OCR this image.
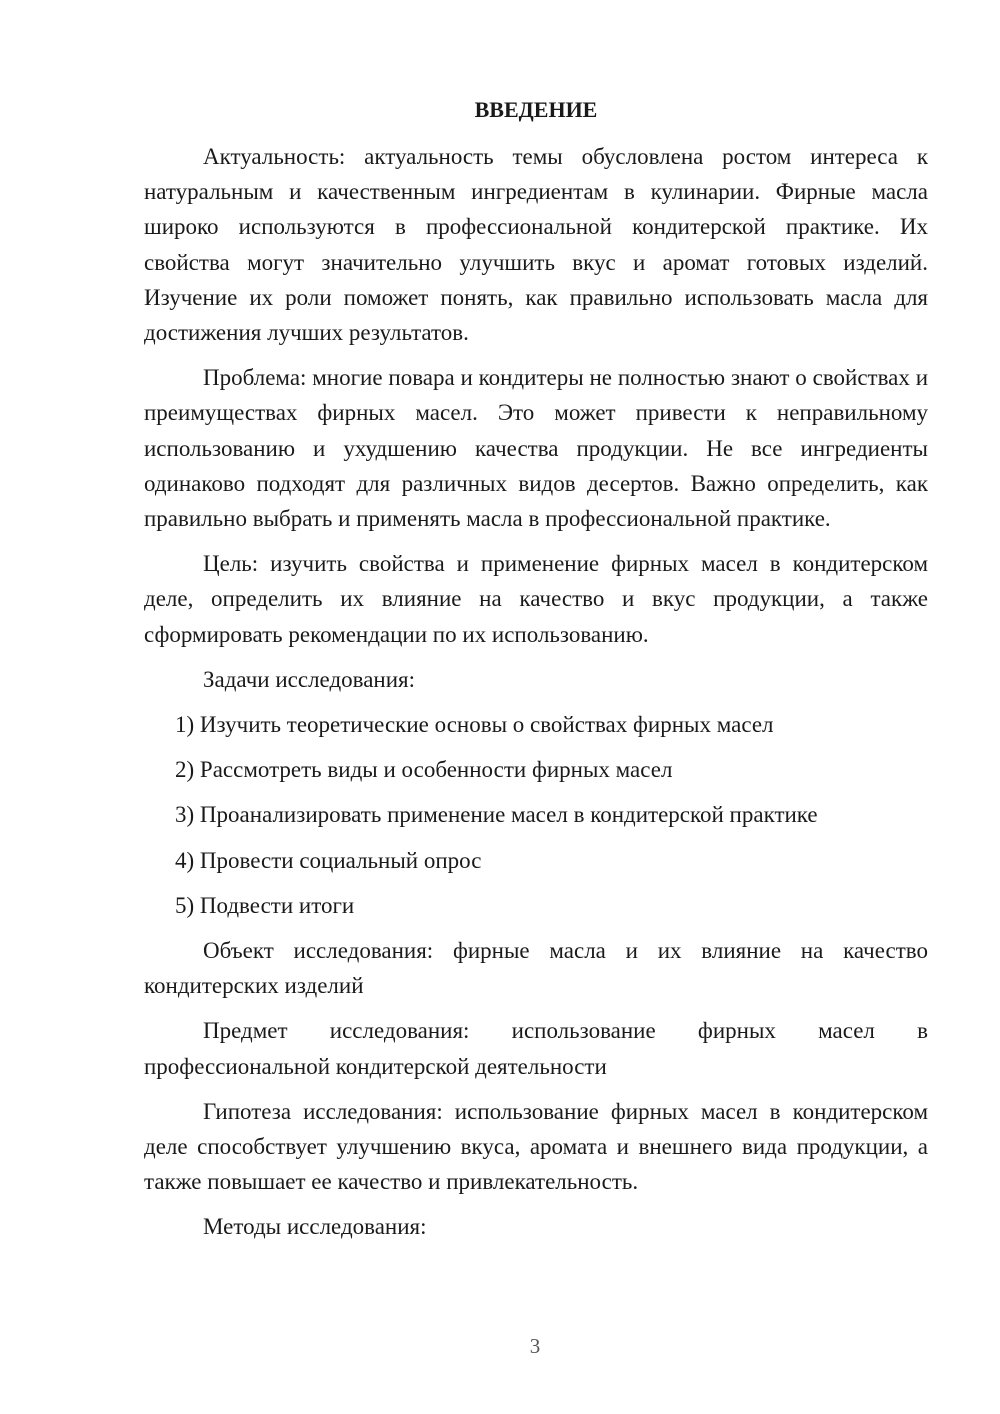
ВВЕДЕНИЕ

Актуальность: актуальность темы обусловлена ростом интереса к натуральным и качественным ингредиентам в кулинарии. Фирные масла широко используются в профессиональной кондитерской практике. Их свойства могут значительно улучшить вкус и аромат готовых изделий. Изучение их роли поможет понять, как правильно использовать масла для достижения лучших результатов.

Проблема: многие повара и кондитеры не полностью знают о свойствах и преимуществах фирных масел. Это может привести к неправильному использованию и ухудшению качества продукции. Не все ингредиенты одинаково подходят для различных видов десертов. Важно определить, как правильно выбрать и применять масла в профессиональной практике.

Цель: изучить свойства и применение фирных масел в кондитерском деле, определить их влияние на качество и вкус продукции, а также сформировать рекомендации по их использованию.

Задачи исследования:

1) Изучить теоретические основы о свойствах фирных масел
2) Рассмотреть виды и особенности фирных масел
3) Проанализировать применение масел в кондитерской практике
4) Провести социальный опрос
5) Подвести итоги

Объект исследования: фирные масла и их влияние на качество кондитерских изделий

Предмет исследования: использование фирных масел в профессиональной кондитерской деятельности

Гипотеза исследования: использование фирных масел в кондитерском деле способствует улучшению вкуса, аромата и внешнего вида продукции, а также повышает ее качество и привлекательность.

Методы исследования:

3
